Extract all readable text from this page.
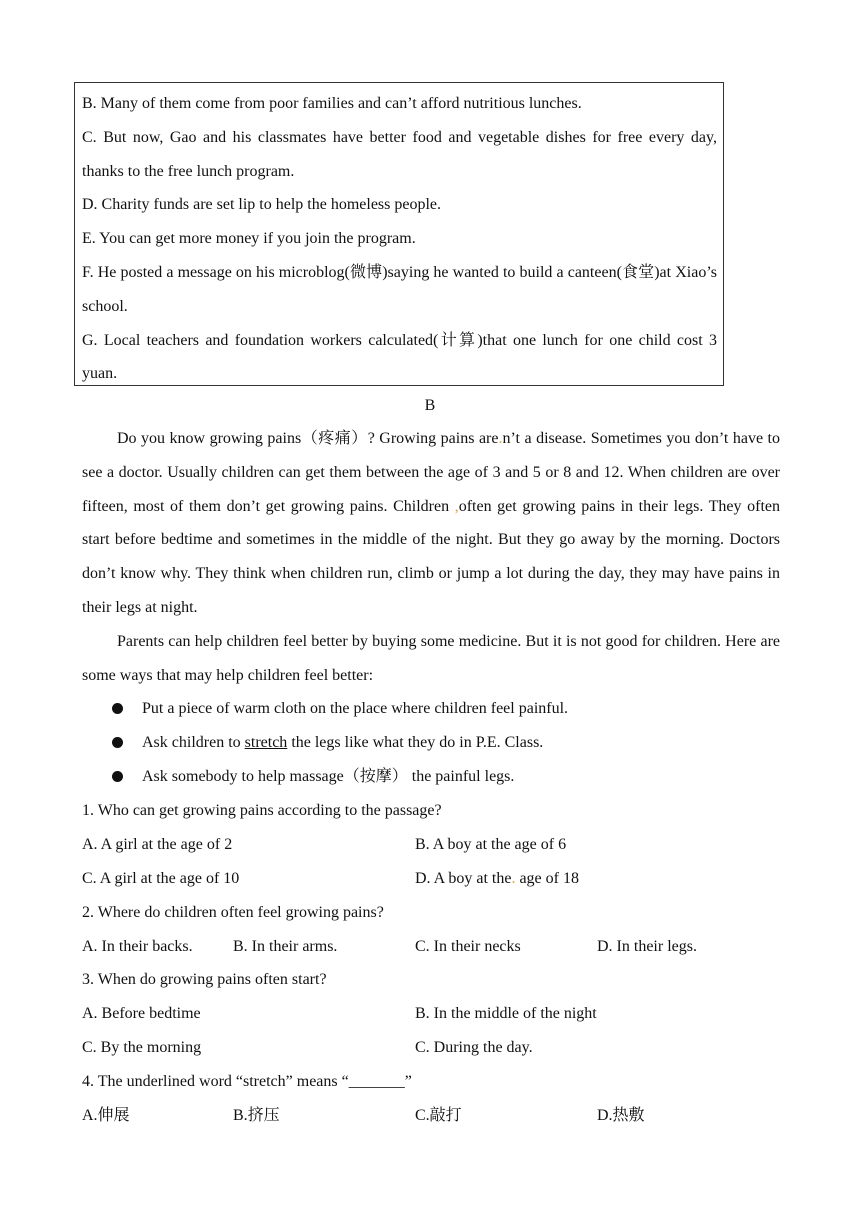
B. Many of them come from poor families and can’t afford nutritious lunches.

C. But now, Gao and his classmates have better food and vegetable dishes for free every day, thanks to the free lunch program.

D. Charity funds are set lip to help the homeless people.

E. You can get more money if you join the program.

F. He posted a message on his microblog(微博)saying he wanted to build a canteen(食堂)at Xiao’s school.

G. Local teachers and foundation workers calculated(计算)that one lunch for one child cost 3 yuan.

B

Do you know growing pains（疼痛）? Growing pains are.n’t a disease. Sometimes you don’t have to see a doctor. Usually children can get them between the age of 3 and 5 or 8 and 12. When children are over fifteen, most of them don’t get growing pains. Children ,often get growing pains in their legs. They often start before bedtime and sometimes in the middle of the night. But they go away by the morning. Doctors don’t know why. They think when children run, climb or jump a lot during the day, they may have pains in their legs at night.

Parents can help children feel better by buying some medicine. But it is not good for children. Here are some ways that may help children feel better:

Put a piece of warm cloth on the place where children feel painful.
Ask children to stretch the legs like what they do in P.E. Class.
Ask somebody to help massage（按摩） the painful legs.
1. Who can get growing pains according to the passage?
A. A girl at the age of 2	B. A boy at the age of 6
C. A girl at the age of 10	D. A boy at the. age of 18
2. Where do children often feel growing pains?
A. In their backs.	B. In their arms.	C. In their necks	D. In their legs.
3. When do growing pains often start?
A. Before bedtime	B. In the middle of the night
C. By the morning	C. During the day.
4. The underlined word “stretch” means “_______”
A.伸展	B.挤压	C.敲打	D.热敷
